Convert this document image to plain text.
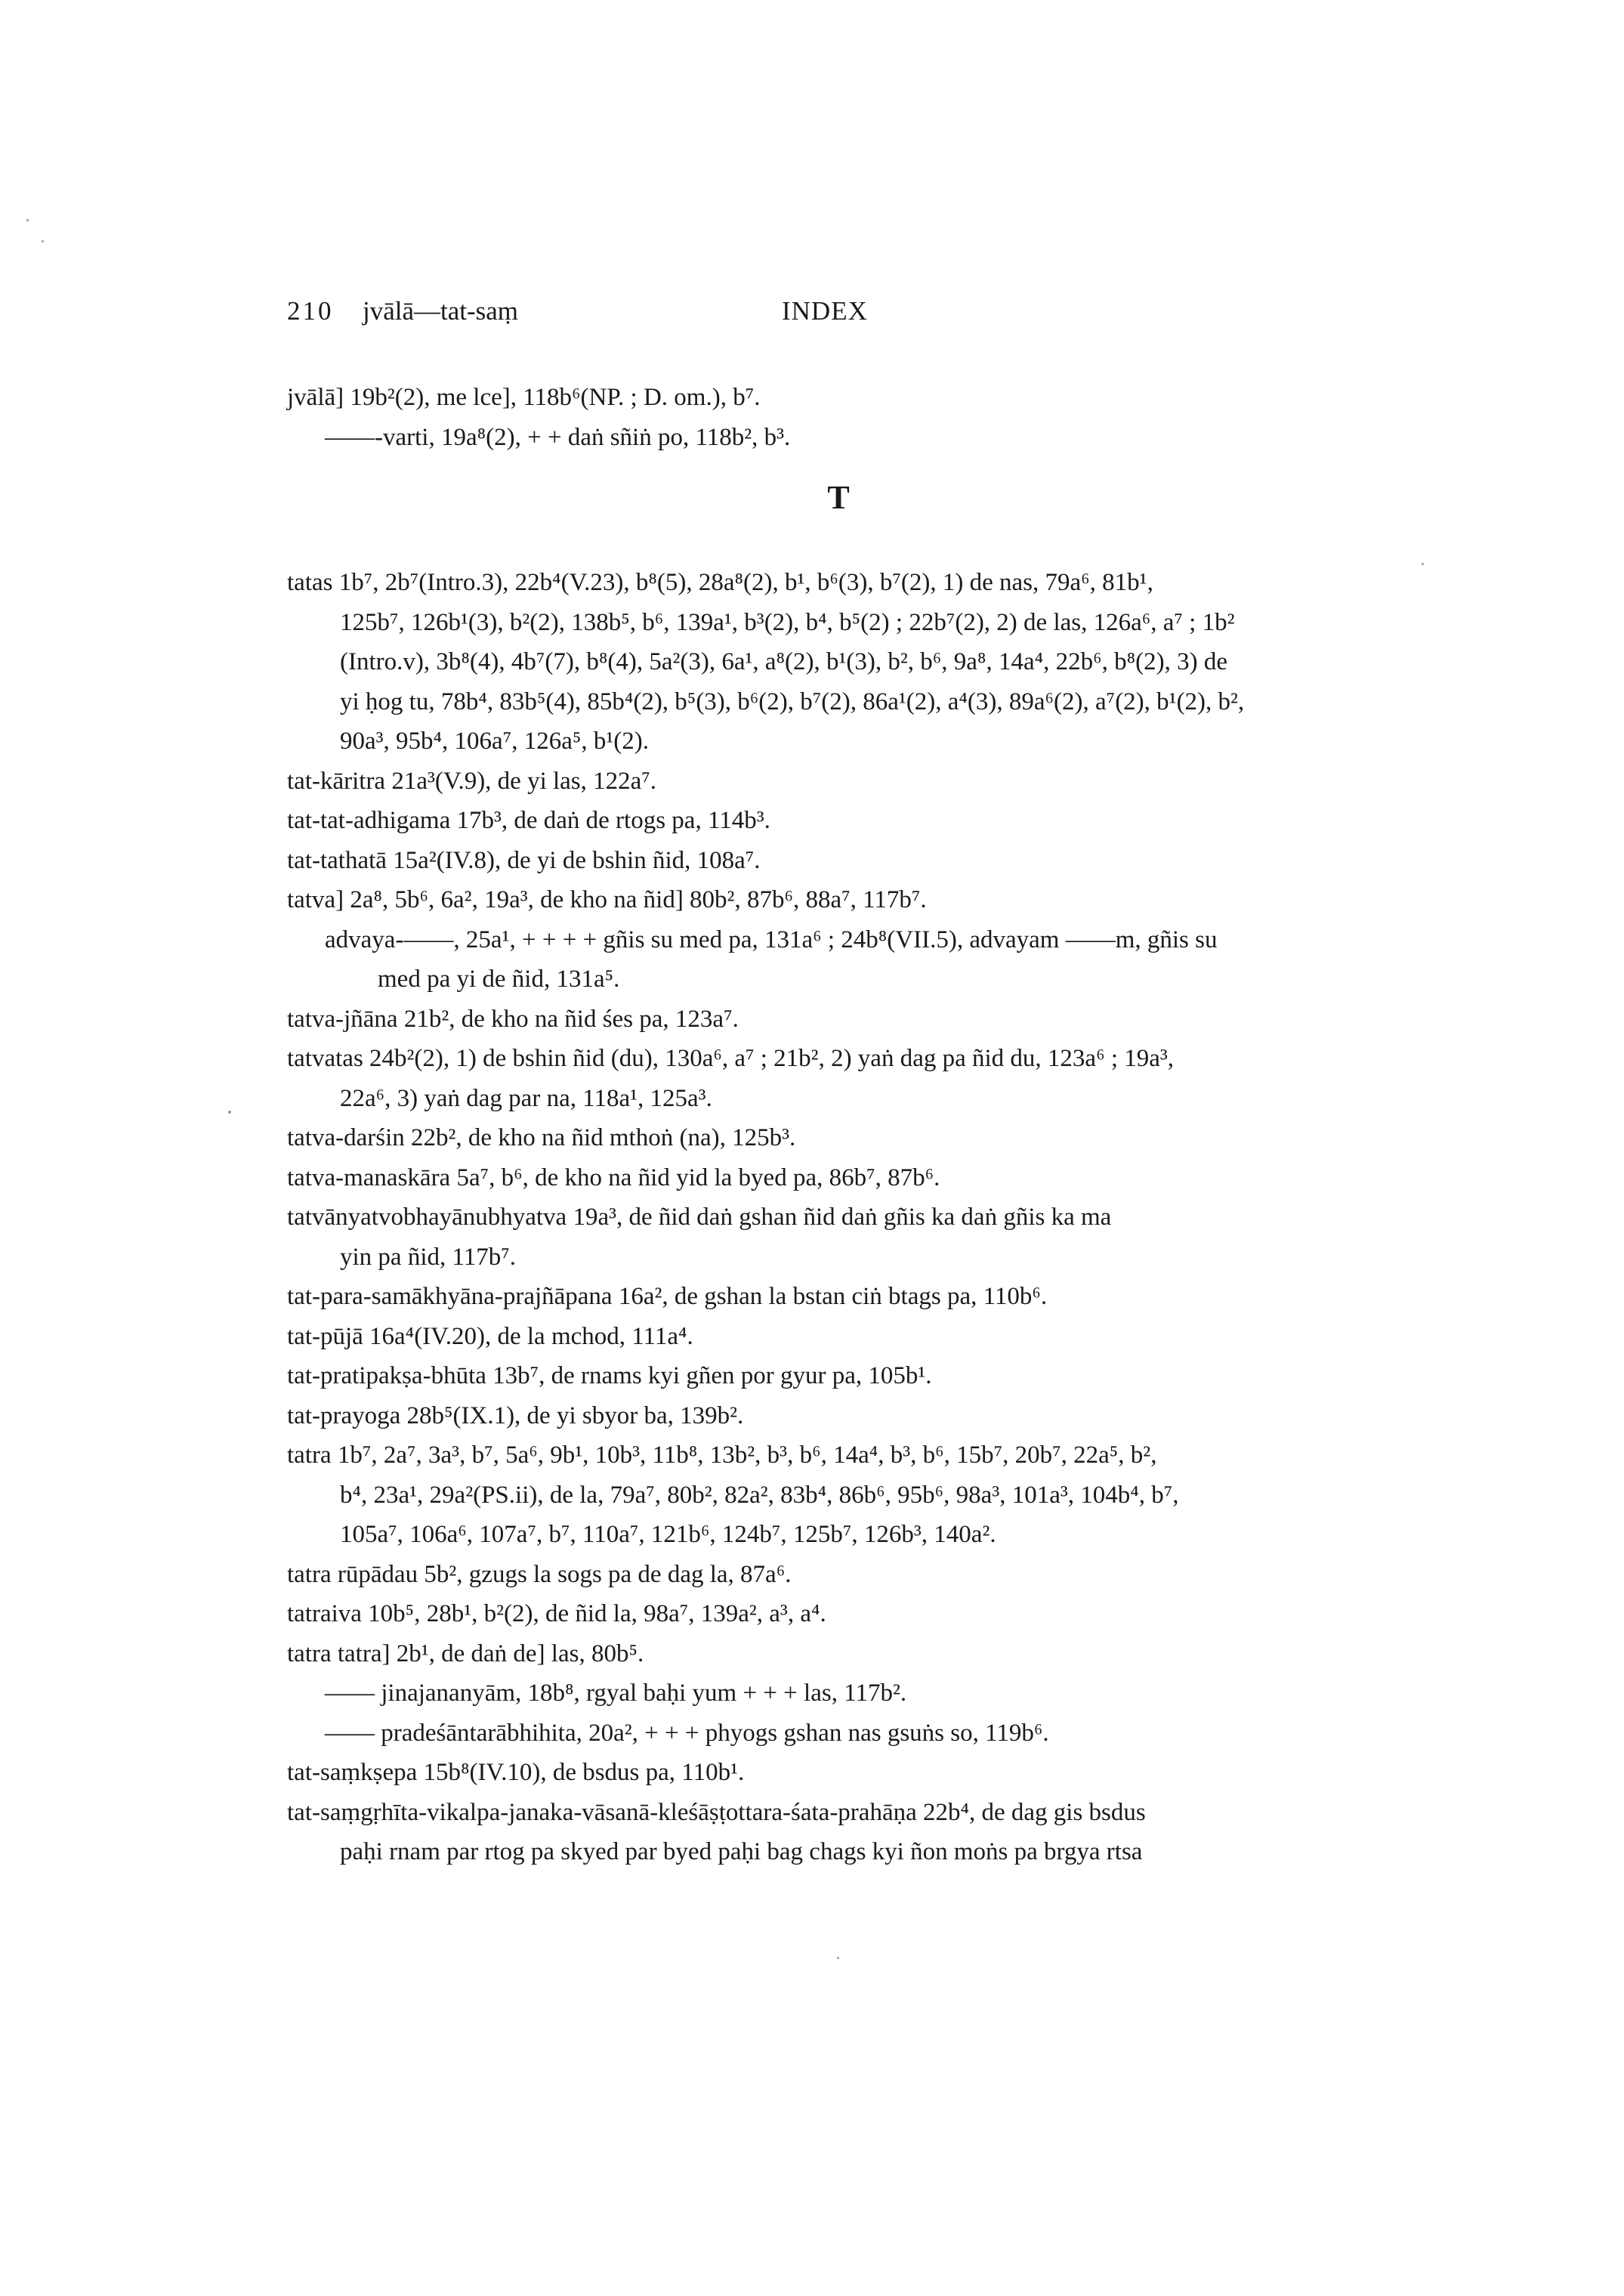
210 jvālā—tat-saṃ	INDEX
jvālā] 19b²(2), me lce], 118b⁶(NP. ; D. om.), b⁷.
——-varti, 19a⁸(2), + + daṅ sñiṅ po, 118b², b³.
T
tatas 1b⁷, 2b⁷(Intro.3), 22b⁴(V.23), b⁸(5), 28a⁸(2), b¹, b⁶(3), b⁷(2), 1) de nas, 79a⁶, 81b¹,
125b⁷, 126b¹(3), b²(2), 138b⁵, b⁶, 139a¹, b³(2), b⁴, b⁵(2) ; 22b⁷(2), 2) de las, 126a⁶, a⁷ ; 1b²
(Intro.v), 3b⁸(4), 4b⁷(7), b⁸(4), 5a²(3), 6a¹, a⁸(2), b¹(3), b², b⁶, 9a⁸, 14a⁴, 22b⁶, b⁸(2), 3) de
yi ḥog tu, 78b⁴, 83b⁵(4), 85b⁴(2), b⁵(3), b⁶(2), b⁷(2), 86a¹(2), a⁴(3), 89a⁶(2), a⁷(2), b¹(2), b²,
90a³, 95b⁴, 106a⁷, 126a⁵, b¹(2).
tat-kāritra 21a³(V.9), de yi las, 122a⁷.
tat-tat-adhigama 17b³, de daṅ de rtogs pa, 114b³.
tat-tathatā 15a²(IV.8), de yi de bshin ñid, 108a⁷.
tatva] 2a⁸, 5b⁶, 6a², 19a³, de kho na ñid] 80b², 87b⁶, 88a⁷, 117b⁷.
advaya-——, 25a¹, + + + + gñis su med pa, 131a⁶ ; 24b⁸(VII.5), advayam ——m, gñis su
med pa yi de ñid, 131a⁵.
tatva-jñāna 21b², de kho na ñid śes pa, 123a⁷.
tatvatas 24b²(2), 1) de bshin ñid (du), 130a⁶, a⁷ ; 21b², 2) yaṅ dag pa ñid du, 123a⁶ ; 19a³,
22a⁶, 3) yaṅ dag par na, 118a¹, 125a³.
tatva-darśin 22b², de kho na ñid mthoṅ (na), 125b³.
tatva-manaskāra 5a⁷, b⁶, de kho na ñid yid la byed pa, 86b⁷, 87b⁶.
tatvānyatvobhayānubhyatva 19a³, de ñid daṅ gshan ñid daṅ gñis ka daṅ gñis ka ma
yin pa ñid, 117b⁷.
tat-para-samākhyāna-prajñāpana 16a², de gshan la bstan ciṅ btags pa, 110b⁶.
tat-pūjā 16a⁴(IV.20), de la mchod, 111a⁴.
tat-pratipakṣa-bhūta 13b⁷, de rnams kyi gñen por gyur pa, 105b¹.
tat-prayoga 28b⁵(IX.1), de yi sbyor ba, 139b².
tatra 1b⁷, 2a⁷, 3a³, b⁷, 5a⁶, 9b¹, 10b³, 11b⁸, 13b², b³, b⁶, 14a⁴, b³, b⁶, 15b⁷, 20b⁷, 22a⁵, b²,
b⁴, 23a¹, 29a²(PS.ii), de la, 79a⁷, 80b², 82a², 83b⁴, 86b⁶, 95b⁶, 98a³, 101a³, 104b⁴, b⁷,
105a⁷, 106a⁶, 107a⁷, b⁷, 110a⁷, 121b⁶, 124b⁷, 125b⁷, 126b³, 140a².
tatra rūpādau 5b², gzugs la sogs pa de dag la, 87a⁶.
tatraiva 10b⁵, 28b¹, b²(2), de ñid la, 98a⁷, 139a², a³, a⁴.
tatra tatra] 2b¹, de daṅ de] las, 80b⁵.
—— jinajananyām, 18b⁸, rgyal baḥi yum + + + las, 117b².
—— pradeśāntarābhihita, 20a², + + + phyogs gshan nas gsuṅs so, 119b⁶.
tat-saṃkṣepa 15b⁸(IV.10), de bsdus pa, 110b¹.
tat-saṃgṛhīta-vikalpa-janaka-vāsanā-kleśāṣṭottara-śata-prahāṇa 22b⁴, de dag gis bsdus
paḥi rnam par rtog pa skyed par byed paḥi bag chags kyi ñon moṅs pa brgya rtsa
